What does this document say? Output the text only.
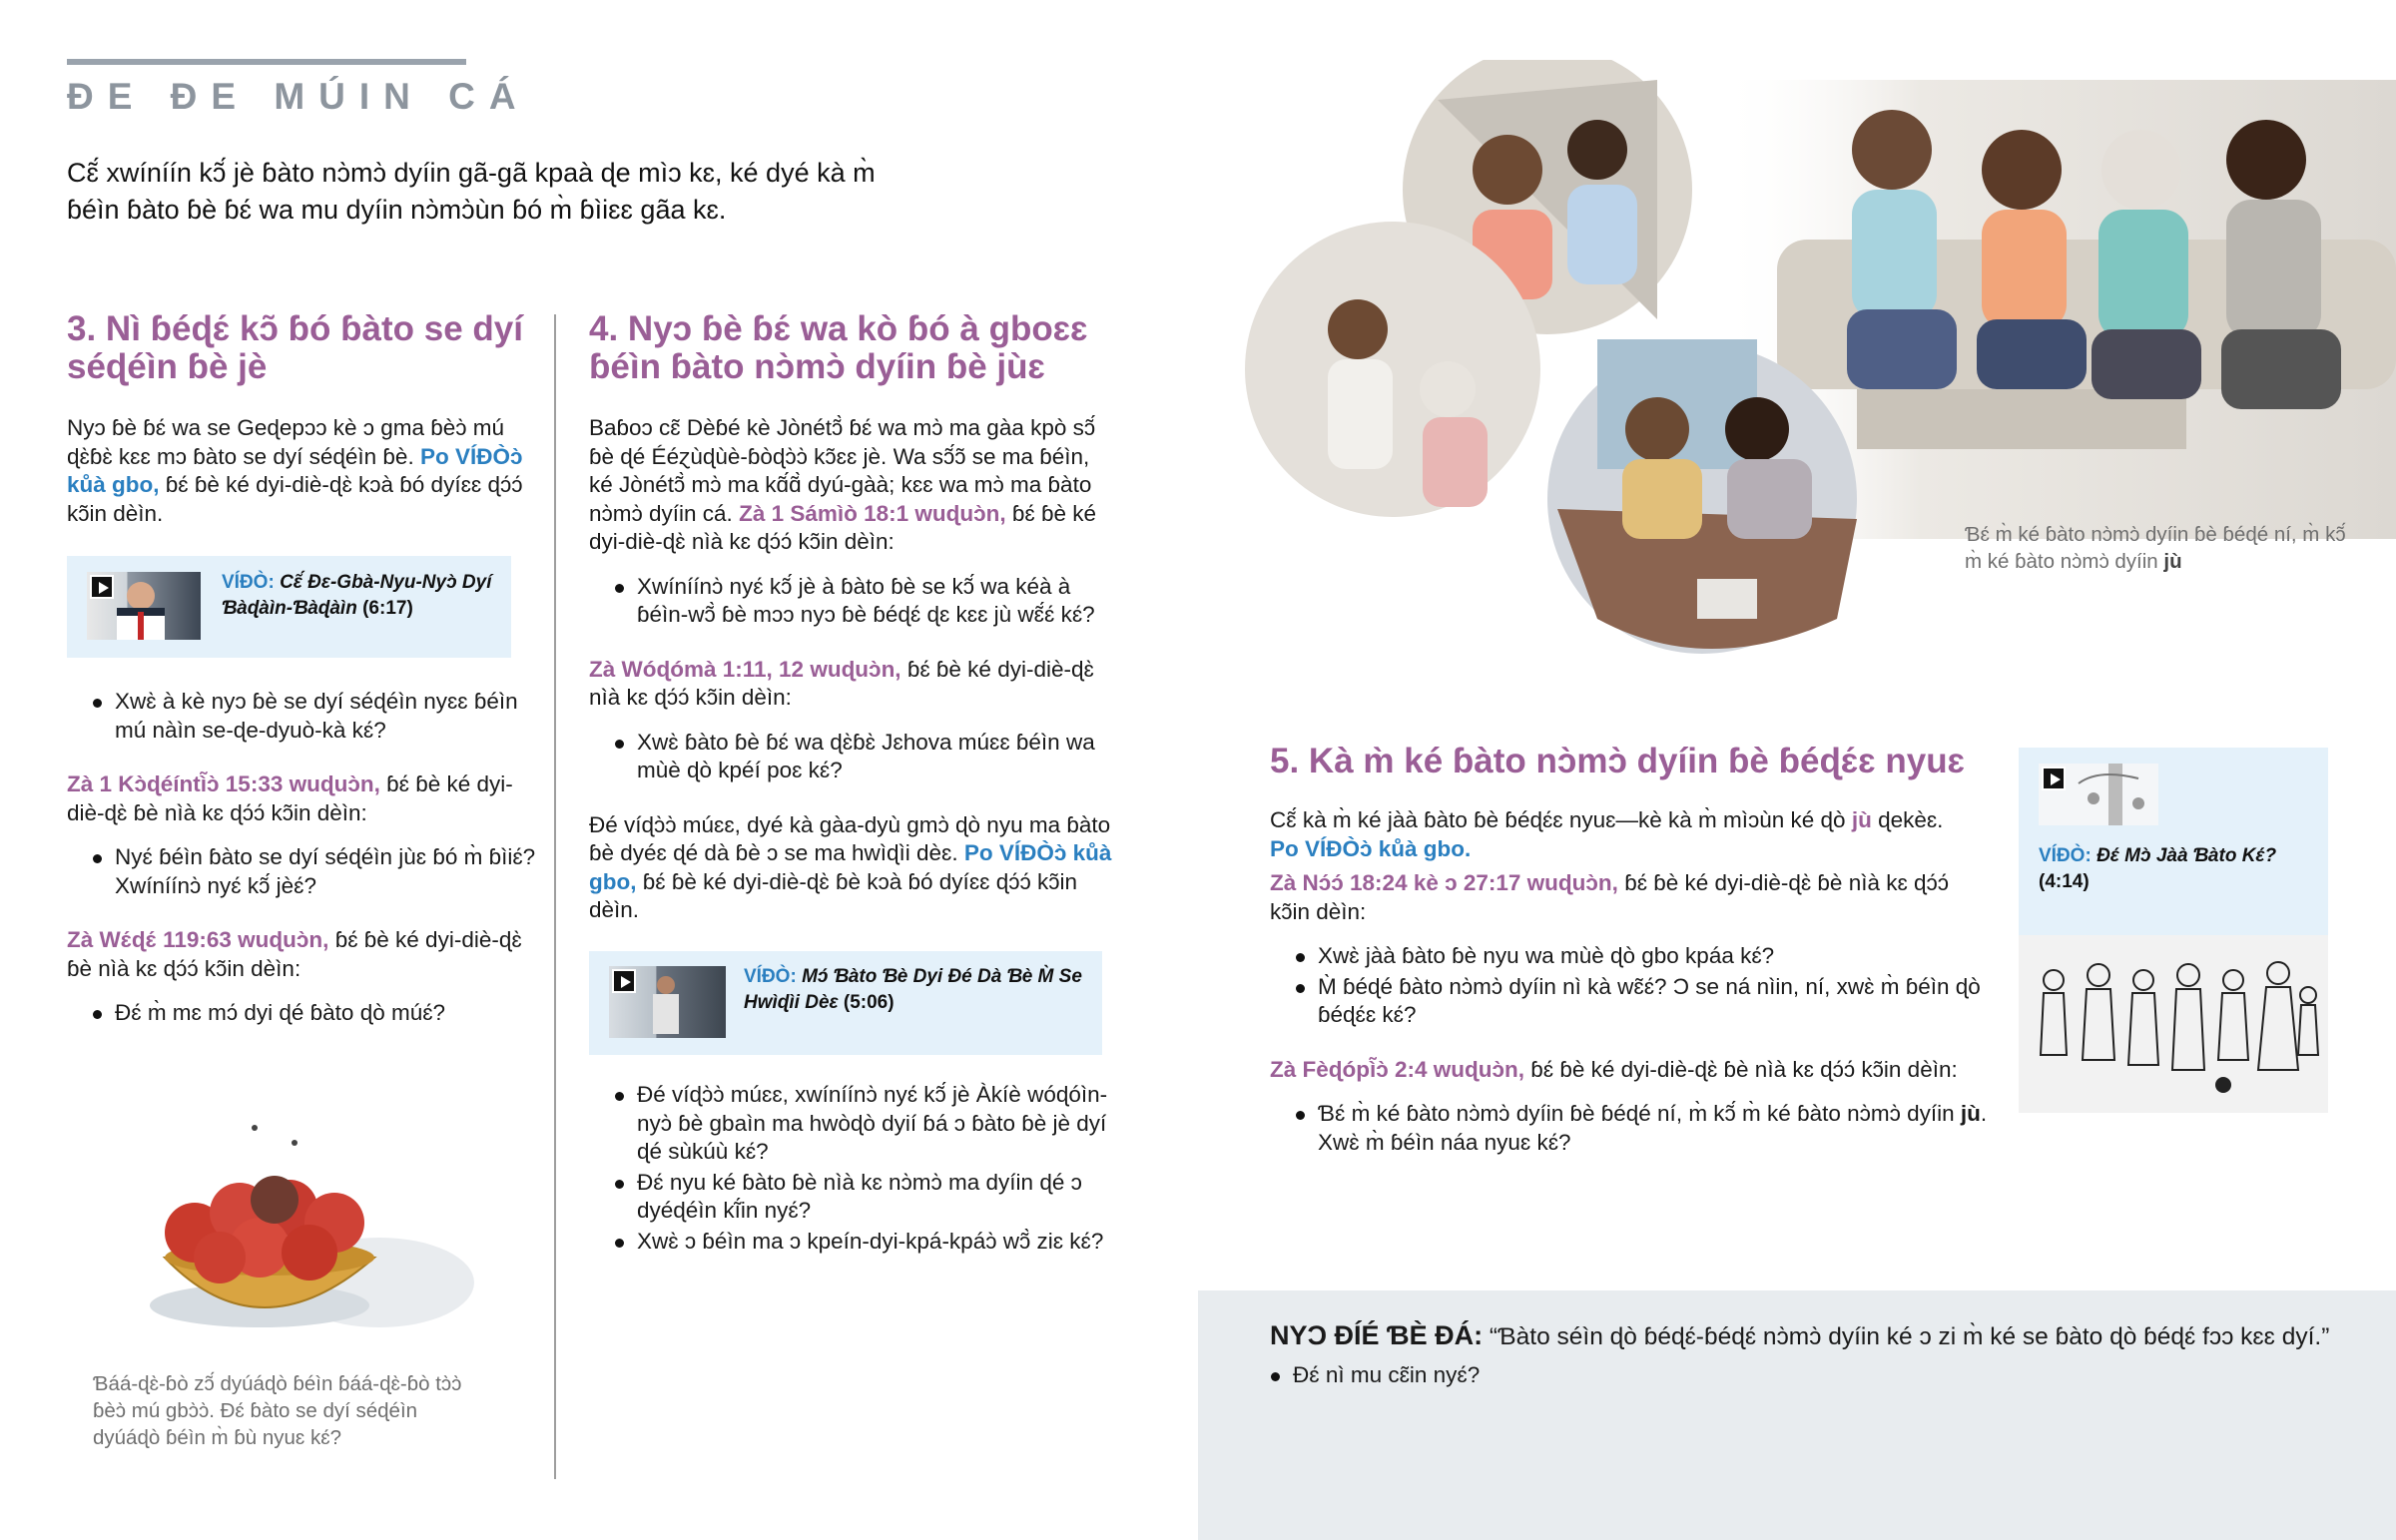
ƉE ƉE MÚIN CÁ
Cɛ̃́ xwíníín kɔ̃́ jè ɓàto nɔ̀mɔ̀ dyíin gã-gã kpaà ɖe mìɔ kɛ, ké dyé kà m̀ ɓéìn ɓàto ɓè ɓɛ́ wa mu dyíin nɔ̀mɔ̀ùn ɓó m̀ ɓìiɛɛ gãa kɛ.
3. Nì ɓéɖɛ́ kɔ̃ ɓó ɓàto se dyí séɖéìn ɓè jè
Nyɔ ɓè ɓɛ́ wa se Geɖepɔɔ kè ɔ gma ɓèɔ̀ mú ɖɛ̀ɓɛ̀ kɛɛ mɔ ɓàto se dyí séɖéìn ɓè. Po VÍƉÒɔ̀ kůà gbo, ɓɛ́ ɓè ké dyi-diè-ɖɛ̀ kɔà ɓó dyíɛɛ ɖɔ́ɔ́ kɔ̃in dèìn.
VÍƉÒ: Cɛ̃́ Ɖɛ-Gbà-Nyu-Nyɔ̀ Dyí Ɓàɖàìn-Ɓàɖàìn (6:17)
Xwɛ̀ à kè nyɔ ɓè se dyí séɖéìn nyɛɛ ɓéìn mú nàìn se-ɖe-dyuò-kà kɛ́?
Zà 1 Kɔ̀ɖéíntì̃ɔ̀ 15:33 wuɖuɔ̀n, ɓɛ́ ɓè ké dyi-diè-ɖɛ̀ ɓè nìà kɛ ɖɔ́ɔ́ kɔ̃in dèìn:
Nyɛ́ ɓéìn ɓàto se dyí séɖéìn jùɛ ɓó m̀ ɓìiɛ́? Xwíníínɔ̀ nyɛ́ kɔ̃́ jèɛ́?
Zà Wɛ́ɖɛ́ 119:63 wuɖuɔ̀n, ɓɛ́ ɓè ké dyi-diè-ɖɛ̀ ɓè nìà kɛ ɖɔ́ɔ́ kɔ̃in dèìn:
Ɖɛ́ m̀ mɛ mɔ́ dyi ɖé ɓàto ɖò múɛ́?
Ɓáá-ɖɛ̀-ɓò zɔ̃́ dyúáɖò ɓéìn ɓáá-ɖɛ̀-ɓò tɔ̀ɔ̀ ɓèɔ̀ mú gbɔ̀ɔ̀. Ɖɛ́ ɓàto se dyí séɖéìn dyúáɖò ɓéìn m̀ ɓù nyuɛ kɛ́?
4. Nyɔ ɓè ɓɛ́ wa kò ɓó à gboɛɛ ɓéìn ɓàto nɔ̀mɔ̀ dyíin ɓè jùɛ
Baɓoɔ cɛ̃ Dèɓé kè Jònétɔ̃̀ ɓɛ́ wa mɔ̀ ma gàa kpò sɔ̃́ ɓè ɖé Ééɀùɖùè-ɓòɖɔ̀ɔ̀ kɔ̃ɛɛ jè. Wa sɔ̃́ɔ̃ se ma ɓéìn, ké Jònétɔ̃̀ mɔ̀ ma kɑ̃́ɑ̃̀ dyú-gàà; kɛɛ wa mɔ̀ ma ɓàto nɔ̀mɔ̀ dyíin cá. Zà 1 Sámìò 18:1 wuɖuɔ̀n, ɓɛ́ ɓè ké dyi-diè-ɖɛ̀ nìà kɛ ɖɔ́ɔ́ kɔ̃in dèìn:
Xwíníínɔ̀ nyɛ́ kɔ̃́ jè à ɓàto ɓè se kɔ̃́ wa kéà à ɓéìn-wɔ̃̀ ɓè mɔɔ nyɔ ɓè ɓéɖɛ́ ɖɛ kɛɛ jù wɛ̃́ɛ́ kɛ́?
Zà Wóɖómà 1:11, 12 wuɖuɔ̀n, ɓɛ́ ɓè ké dyi-diè-ɖɛ̀ nìà kɛ ɖɔ́ɔ́ kɔ̃in dèìn:
Xwɛ̀ ɓàto ɓè ɓɛ́ wa ɖɛ̀ɓɛ̀ Jɛhova múɛɛ ɓéìn wa mùè ɖò kpéí poɛ kɛ́?
Ɖé víɖɔ̀ɔ̀ múɛɛ, dyé kà gàa-dyù gmɔ̀ ɖò nyu ma ɓàto ɓè dyéɛ ɖé dà ɓè ɔ se ma hwìɖìi dèɛ. Po VÍƉÒɔ̀ kůà gbo, ɓɛ́ ɓè ké dyi-diè-ɖɛ̀ ɓè kɔà ɓó dyíɛɛ ɖɔ́ɔ́ kɔ̃in dèìn.
VÍƉÒ: Mɔ́ Ɓàto Ɓè Dyi Ɖé Dà Ɓè M̀ Se Hwìɖìi Dèɛ (5:06)
Ɖé víɖɔ̀ɔ̀ múɛɛ, xwíníínɔ̀ nyɛ́ kɔ̃́ jè Àkíè wóɖóìn-nyɔ̀ ɓè gbaìn ma hwòɖò dyií ɓá ɔ ɓàto ɓè jè dyí ɖé sùkúù kɛ́?
Ɖɛ́ nyu ké ɓàto ɓè nìà kɛ nɔ̀mɔ̀ ma dyíin ɖé ɔ dyéɖéìn kĩ́in nyɛ́?
Xwɛ̀ ɔ ɓéìn ma ɔ kpeín-dyi-kpá-kpáɔ̀ wɔ̃̀ ziɛ kɛ́?
Ɓɛ́ m̀ ké ɓàto nɔ̀mɔ̀ dyíin ɓè ɓéɖé ní, m̀ kɔ̃́ m̀ ké ɓàto nɔ̀mɔ̀ dyíin jù
5. Kà m̀ ké ɓàto nɔ̀mɔ̀ dyíin ɓè ɓéɖɛ́ɛ nyuɛ
Cɛ̃́ kà m̀ ké jàà ɓàto ɓè ɓéɖɛ́ɛ nyuɛ—kè kà m̀ mìɔùn ké ɖò jù ɖekèɛ.
Po VÍƉÒɔ̀ kůà gbo.
Zà Nɔ́ɔ́ 18:24 kè ɔ 27:17 wuɖuɔ̀n, ɓɛ́ ɓè ké dyi-diè-ɖɛ̀ ɓè nìà kɛ ɖɔ́ɔ́ kɔ̃in dèìn:
Xwɛ̀ jàà ɓàto ɓè nyu wa mùè ɖò gbo kpáa kɛ́?
M̀ ɓéɖé ɓàto nɔ̀mɔ̀ dyíin nì kà wɛ̃ɛ́? Ɔ se ná nìin, ní, xwɛ̀ m̀ ɓéìn ɖò ɓéɖɛ́ɛ kɛ́?
Zà Fèɖópì̃ɔ̀ 2:4 wuɖuɔ̀n, ɓɛ́ ɓè ké dyi-diè-ɖɛ̀ ɓè nìà kɛ ɖɔ́ɔ́ kɔ̃in dèìn:
Ɓɛ́ m̀ ké ɓàto nɔ̀mɔ̀ dyíin ɓè ɓéɖé ní, m̀ kɔ̃́ m̀ ké ɓàto nɔ̀mɔ̀ dyíin jù. Xwɛ̀ m̀ ɓéìn náa nyuɛ kɛ́?
VÍƉÒ: Ɖɛ́ Mɔ̀ Jàà Ɓàto Kɛ́?
(4:14)
NYƆ ƉÍÉ ƁÈ ƉÁ: “Ɓàto séìn ɖò ɓéɖɛ́-ɓéɖɛ́ nɔ̀mɔ̀ dyíin ké ɔ zi m̀ ké se ɓàto ɖò ɓéɖɛ́ fɔɔ kɛɛ dyí.”
Ɖɛ́ nì mu cɛ̃in nyɛ́?
